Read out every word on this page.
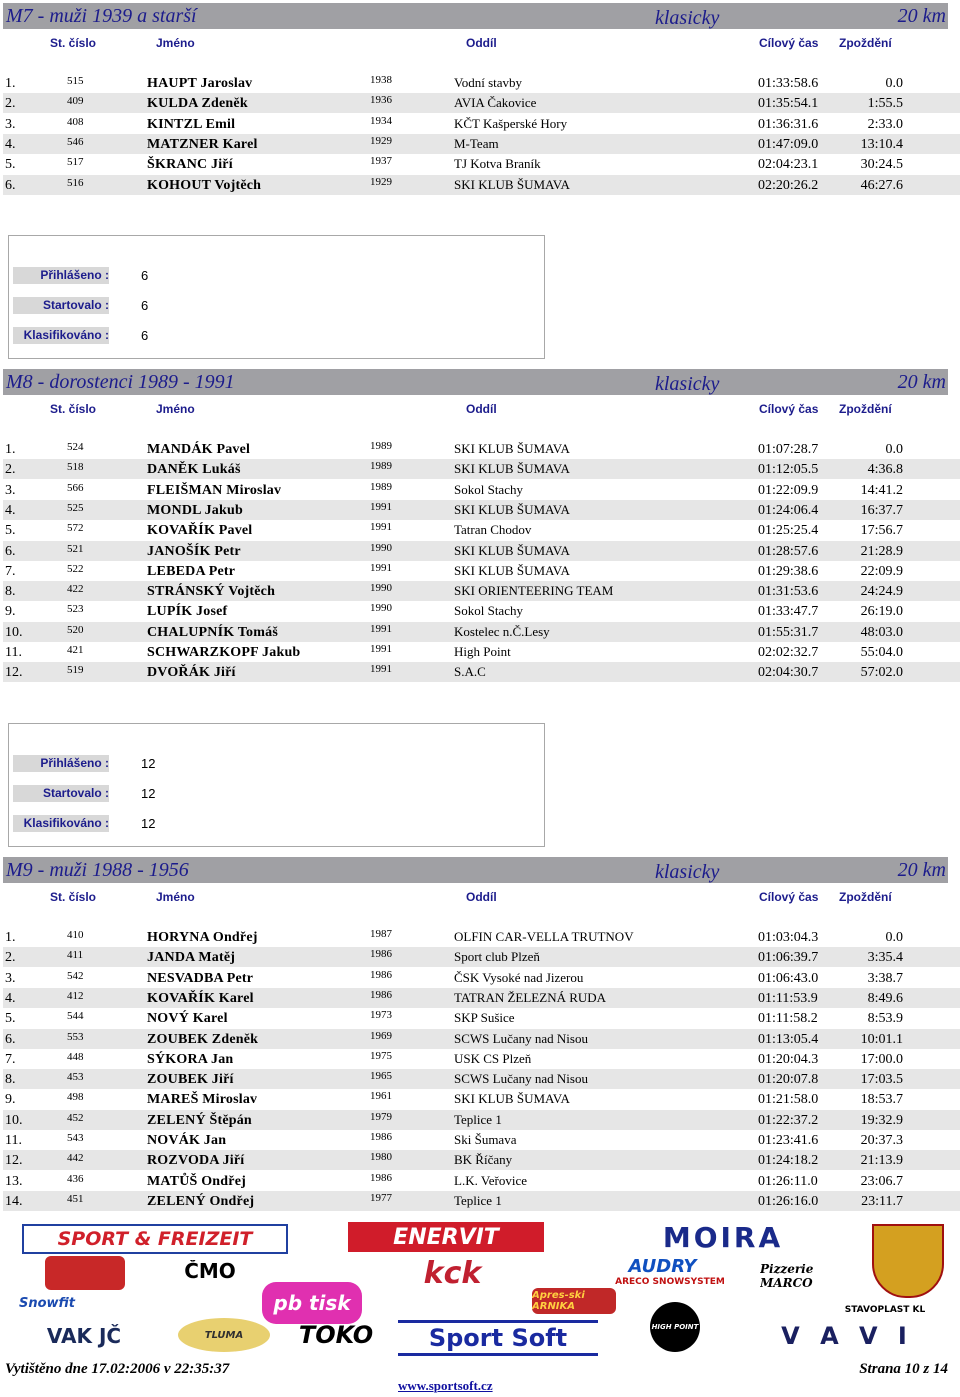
M7 - muži 1939 a starší	klasicky	20 km
St. číslo	Jméno	Oddíl	Cílový čas Zpoždění
1.	515	HAUPT Jaroslav	1938	Vodní stavby	01:33:58.6	0.0
2.	409	KULDA Zdeněk	1936	AVIA Čakovice	01:35:54.1	1:55.5
3.	408	KINTZL Emil	1934	KČT Kašperské Hory	01:36:31.6	2:33.0
4.	546	MATZNER Karel	1929	M-Team	01:47:09.0	13:10.4
5.	517	ŠKRANC Jiří	1937	TJ Kotva Braník	02:04:23.1	30:24.5
6.	516	KOHOUT Vojtěch	1929	SKI KLUB ŠUMAVA	02:20:26.2	46:27.6
Přihlášeno : 6
Startovalo : 6
Klasifikováno : 6
M8 - dorostenci 1989 - 1991	klasicky	20 km
St. číslo	Jméno	Oddíl	Cílový čas Zpoždění
1.	524	MANDÁK Pavel	1989	SKI KLUB ŠUMAVA	01:07:28.7	0.0
2.	518	DANĚK Lukáš	1989	SKI KLUB ŠUMAVA	01:12:05.5	4:36.8
3.	566	FLEIŠMAN Miroslav	1989	Sokol Stachy	01:22:09.9	14:41.2
4.	525	MONDL Jakub	1991	SKI KLUB ŠUMAVA	01:24:06.4	16:37.7
5.	572	KOVAŘÍK Pavel	1991	Tatran Chodov	01:25:25.4	17:56.7
6.	521	JANOŠÍK Petr	1990	SKI KLUB ŠUMAVA	01:28:57.6	21:28.9
7.	522	LEBEDA Petr	1991	SKI KLUB ŠUMAVA	01:29:38.6	22:09.9
8.	422	STRÁNSKÝ Vojtěch	1990	SKI ORIENTEERING TEAM	01:31:53.6	24:24.9
9.	523	LUPÍK Josef	1990	Sokol Stachy	01:33:47.7	26:19.0
10.	520	CHALUPNÍK Tomáš	1991	Kostelec n.Č.Lesy	01:55:31.7	48:03.0
11.	421	SCHWARZKOPF Jakub	1991	High Point	02:02:32.7	55:04.0
12.	519	DVOŘÁK Jiří	1991	S.A.C	02:04:30.7	57:02.0
Přihlášeno : 12
Startovalo : 12
Klasifikováno : 12
M9 - muži 1988 - 1956	klasicky	20 km
St. číslo	Jméno	Oddíl	Cílový čas Zpoždění
1.	410	HORYNA Ondřej	1987	OLFIN CAR-VELLA TRUTNOV	01:03:04.3	0.0
2.	411	JANDA Matěj	1986	Sport club Plzeň	01:06:39.7	3:35.4
3.	542	NESVADBA Petr	1986	ČSK Vysoké nad Jizerou	01:06:43.0	3:38.7
4.	412	KOVAŘÍK Karel	1986	TATRAN ŽELEZNÁ RUDA	01:11:53.9	8:49.6
5.	544	NOVÝ Karel	1973	SKP Sušice	01:11:58.2	8:53.9
6.	553	ZOUBEK Zdeněk	1969	SCWS Lučany nad Nisou	01:13:05.4	10:01.1
7.	448	SÝKORA Jan	1975	USK CS Plzeň	01:20:04.3	17:00.0
8.	453	ZOUBEK Jiří	1965	SCWS Lučany nad Nisou	01:20:07.8	17:03.5
9.	498	MAREŠ Miroslav	1961	SKI KLUB ŠUMAVA	01:21:58.0	18:53.7
10.	452	ZELENÝ Štěpán	1979	Teplice 1	01:22:37.2	19:32.9
11.	543	NOVÁK Jan	1986	Ski Šumava	01:23:41.6	20:37.3
12.	442	ROZVODA Jiří	1980	BK Říčany	01:24:18.2	21:13.9
13.	436	MATŮŠ Ondřej	1986	L.K. Veřovice	01:26:11.0	23:06.7
14.	451	ZELENÝ Ondřej	1977	Teplice 1	01:26:16.0	23:11.7
SPORT & FREIZEIT	ENERVIT	MOIRA
ČMO	AUDRY
ARECO SNOWSYSTEM
kck	Pizzerie MARCO
Snowfit	pb tisk	Apres-ski ARNIKA	STAVOPLAST KL
VAK JČ	TLUMA	TOKO	Sport Soft	HIGH POINT	V A V I
Vytištěno dne 17.02:2006 v 22:35:37	Strana 10 z 14
www.sportsoft.cz
